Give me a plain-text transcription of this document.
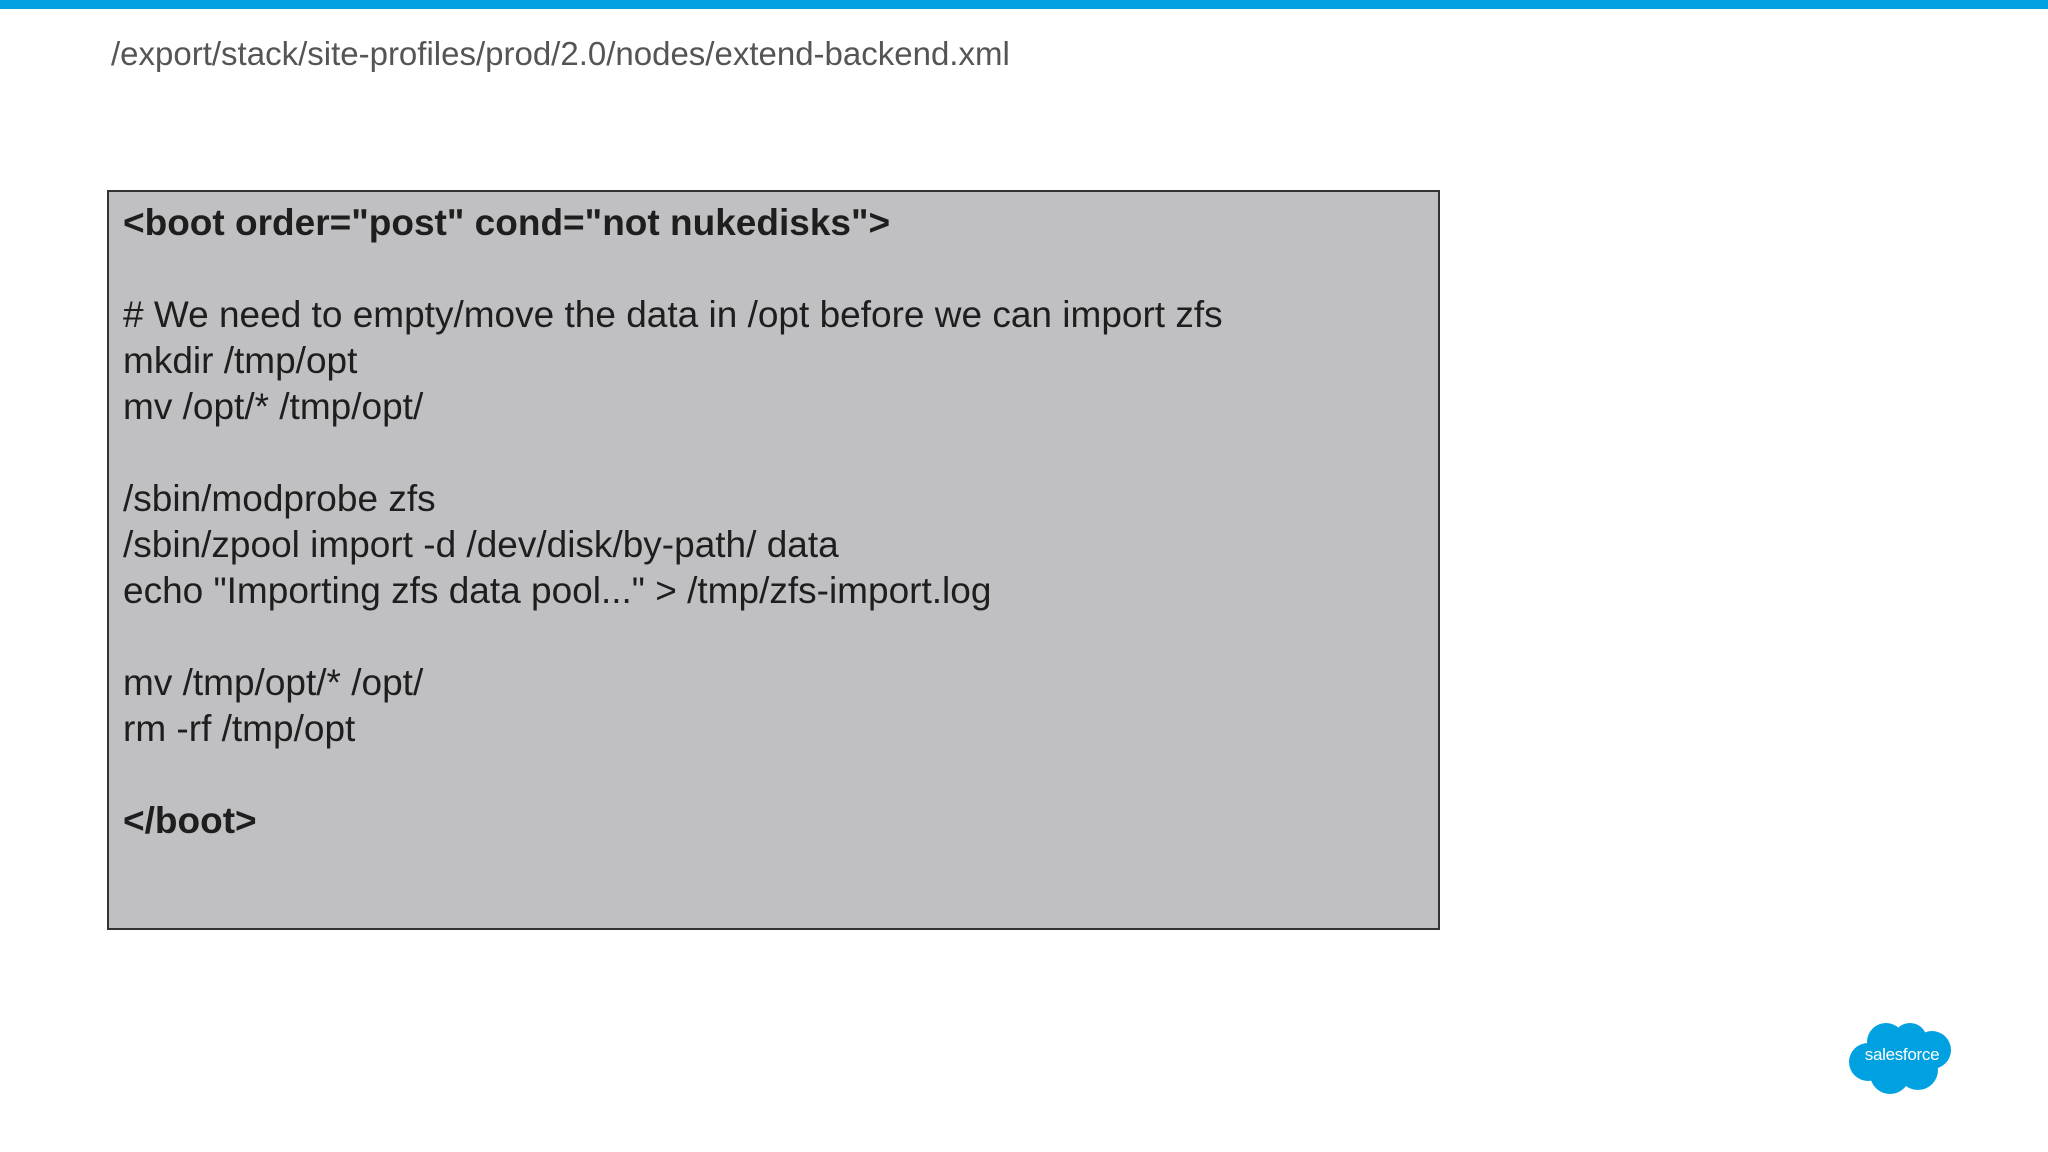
/export/stack/site-profiles/prod/2.0/nodes/extend-backend.xml
<boot order="post" cond="not nukedisks">
# We need to empty/move the data in /opt before we can import zfs
mkdir /tmp/opt
mv /opt/* /tmp/opt/
/sbin/modprobe zfs
/sbin/zpool import -d /dev/disk/by-path/ data
echo "Importing zfs data pool..." > /tmp/zfs-import.log
mv /tmp/opt/* /opt/
rm -rf /tmp/opt
</boot>
salesforce
